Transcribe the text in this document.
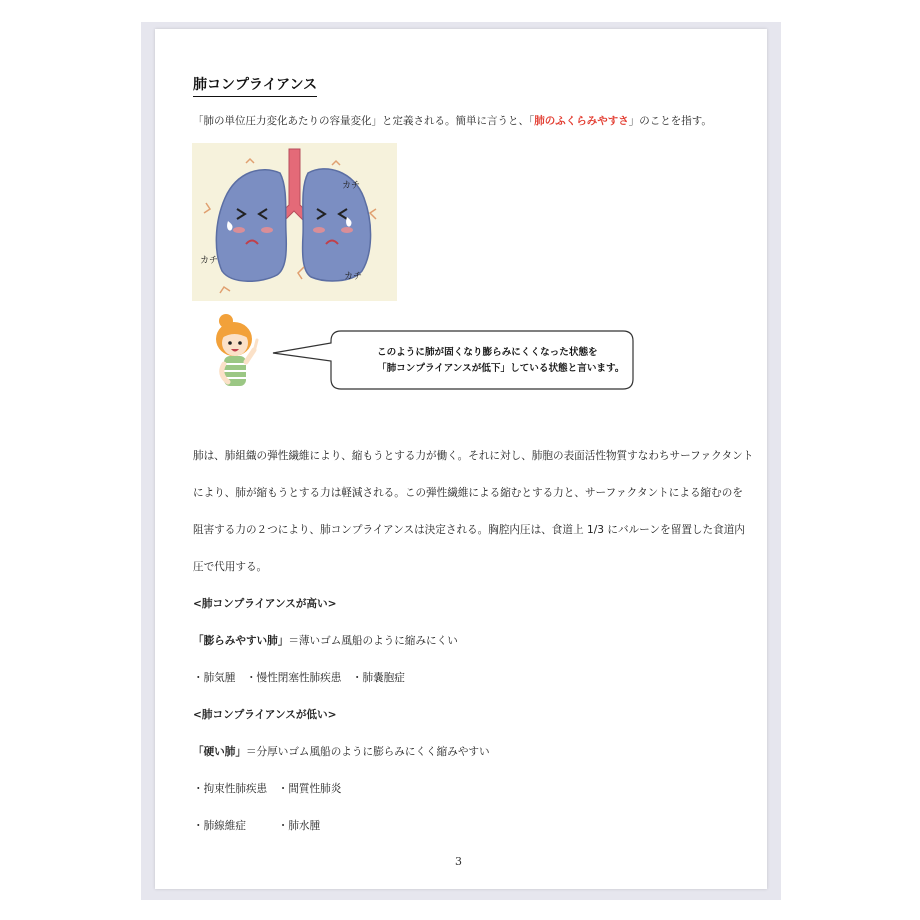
肺コンプライアンス
「肺の単位圧力変化あたりの容量変化」と定義される。簡単に言うと、「肺のふくらみやすさ」のことを指す。
カチ
カチ
カチ
このように肺が固くなり膨らみにくくなった状態を
「肺コンプライアンスが低下」している状態と言います。

肺は、肺組織の弾性繊維により、縮もうとする力が働く。それに対し、肺胞の表面活性物質すなわちサーファクタント

により、肺が縮もうとする力は軽減される。この弾性繊維による縮むとする力と、サーファクタントによる縮むのを

阻害する力の２つにより、肺コンプライアンスは決定される。胸腔内圧は、食道上 1/3 にバルーンを留置した食道内

圧で代用する。

<肺コンプライアンスが高い>

「膨らみやすい肺」＝薄いゴム風船のように縮みにくい

・肺気腫　・慢性閉塞性肺疾患　・肺嚢胞症

<肺コンプライアンスが低い>

「硬い肺」＝分厚いゴム風船のように膨らみにくく縮みやすい

・拘束性肺疾患　・間質性肺炎

・肺線維症　　　・肺水腫

3
